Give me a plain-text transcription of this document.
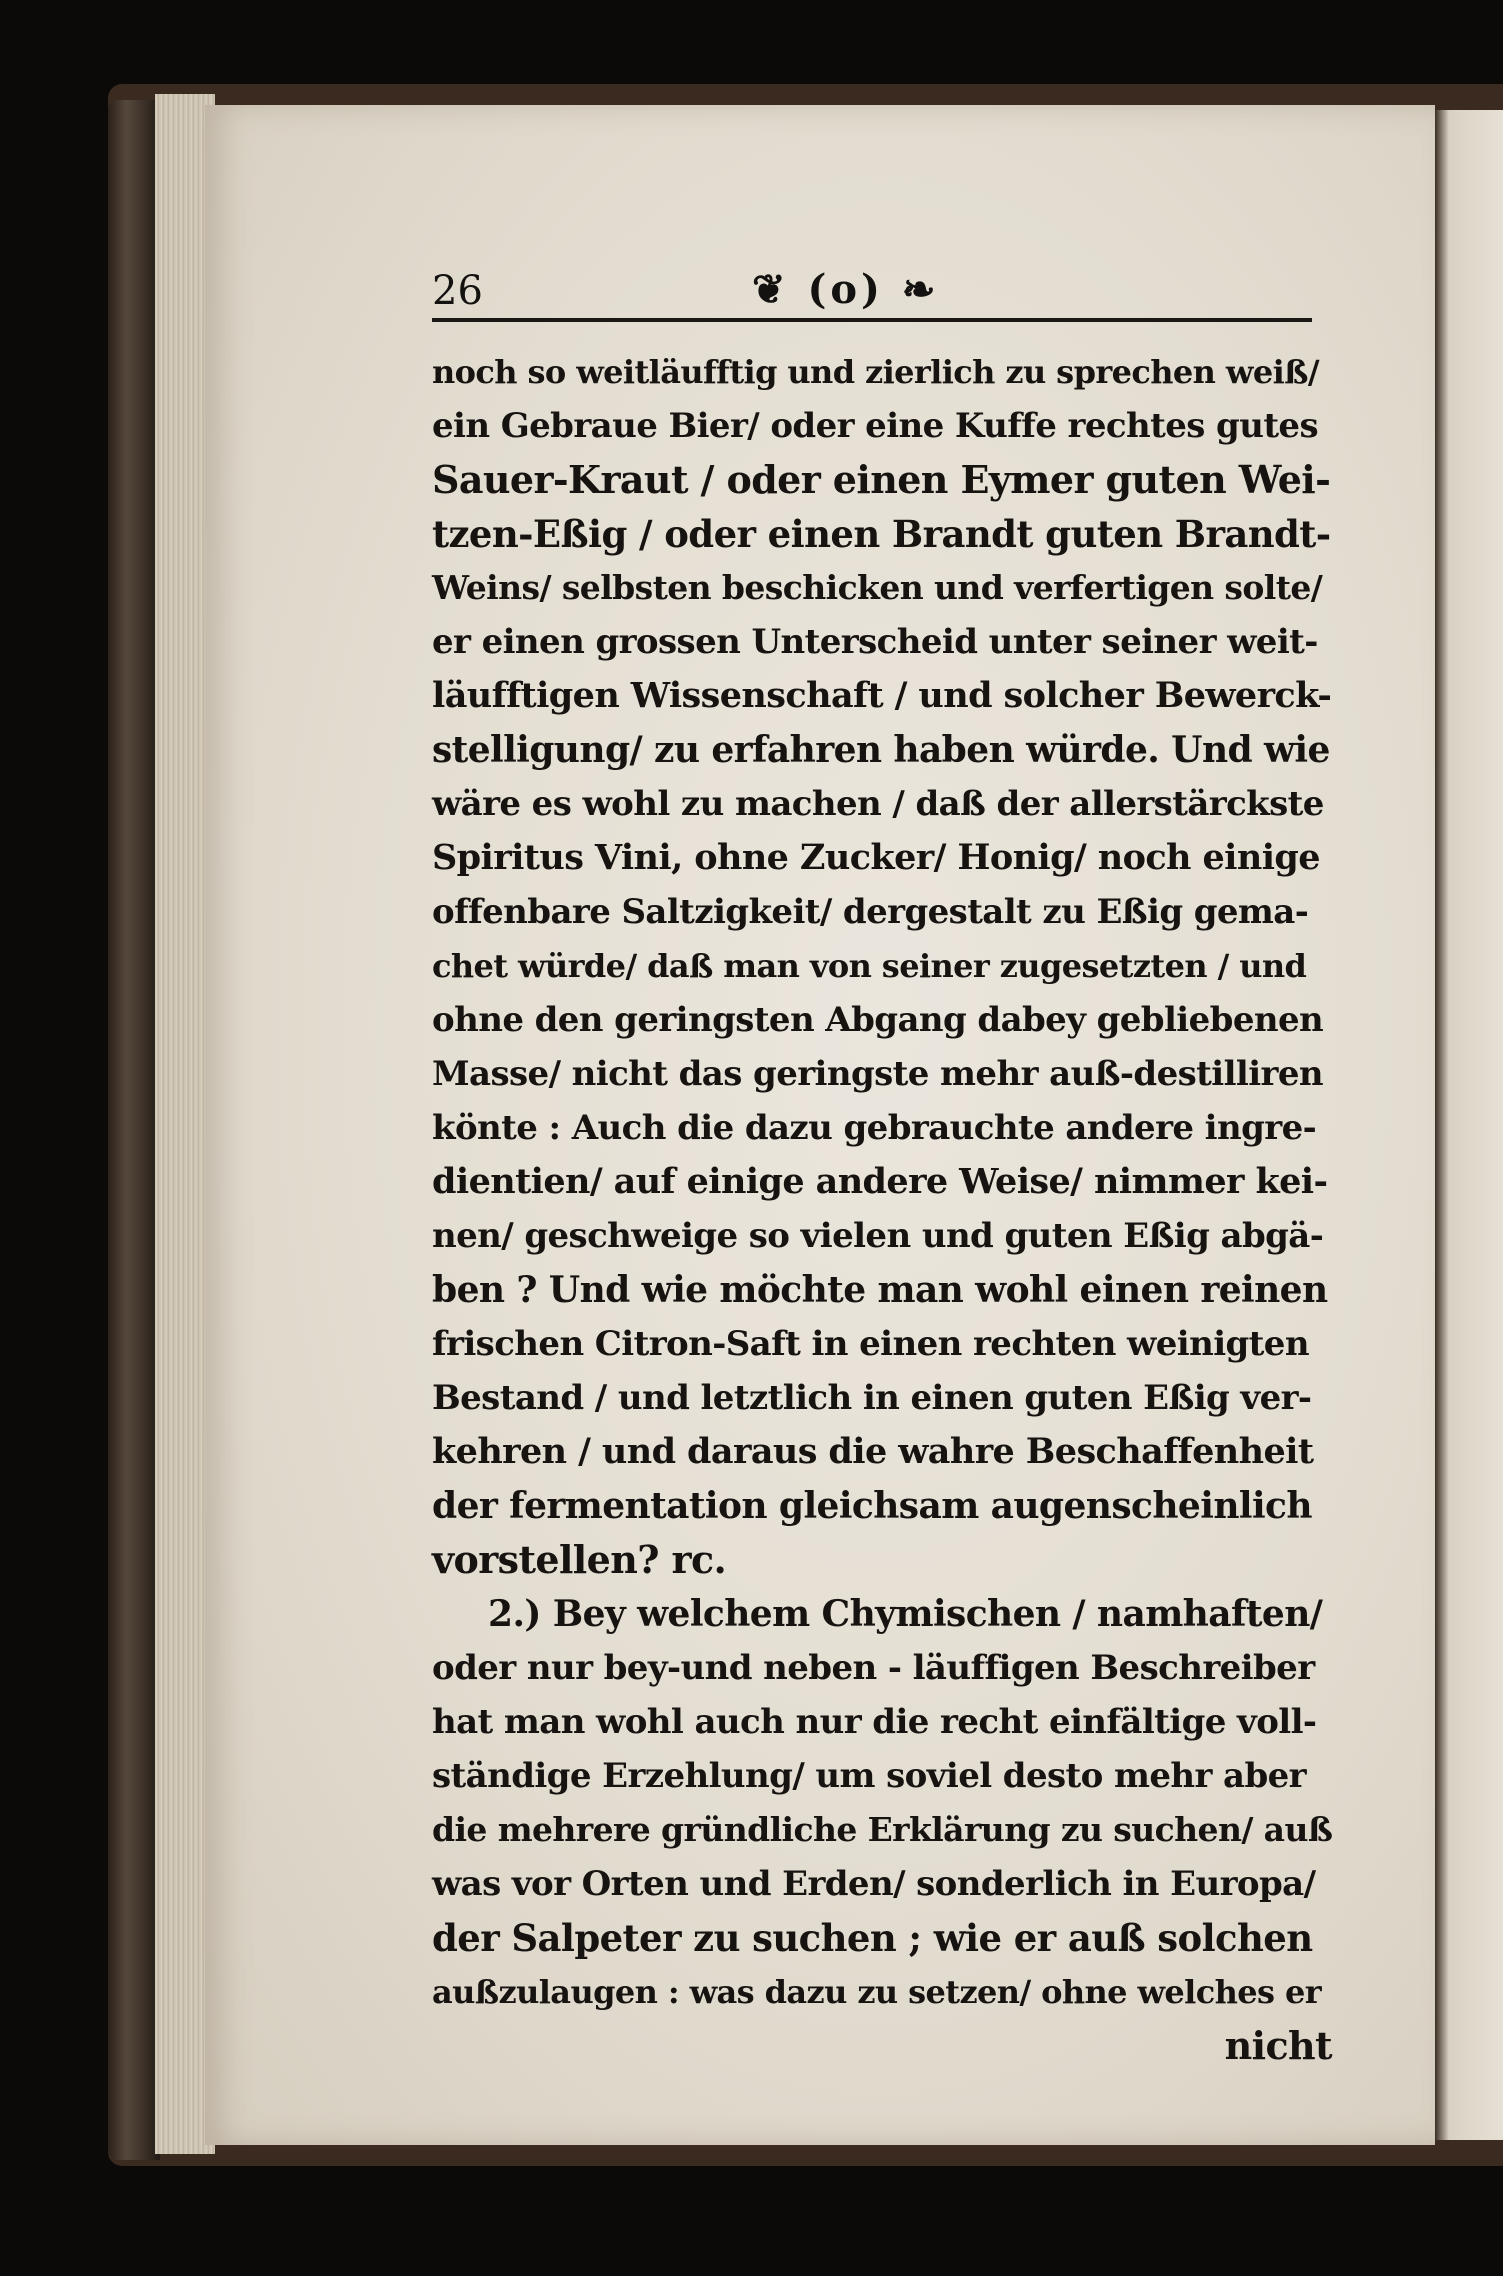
26	❦ (o) ❧
noch so weitläufftig und zierlich zu sprechen weiß/
ein Gebraue Bier/ oder eine Kuffe rechtes gutes
Sauer-Kraut / oder einen Eymer guten Wei-
tzen-Eßig / oder einen Brandt guten Brandt-
Weins/ selbsten beschicken und verfertigen solte/
er einen grossen Unterscheid unter seiner weit-
läufftigen Wissenschaft / und solcher Bewerck-
stelligung/ zu erfahren haben würde. Und wie
wäre es wohl zu machen / daß der allerstärckste
Spiritus Vini, ohne Zucker/ Honig/ noch einige
offenbare Saltzigkeit/ dergestalt zu Eßig gema-
chet würde/ daß man von seiner zugesetzten / und
ohne den geringsten Abgang dabey gebliebenen
Masse/ nicht das geringste mehr auß-destilliren
könte : Auch die dazu gebrauchte andere ingre-
dientien/ auf einige andere Weise/ nimmer kei-
nen/ geschweige so vielen und guten Eßig abgä-
ben ? Und wie möchte man wohl einen reinen
frischen Citron-Saft in einen rechten weinigten
Bestand / und letztlich in einen guten Eßig ver-
kehren / und daraus die wahre Beschaffenheit
der fermentation gleichsam augenscheinlich
vorstellen? rc.
2.) Bey welchem Chymischen / namhaften/
oder nur bey-und neben - läuffigen Beschreiber
hat man wohl auch nur die recht einfältige voll-
ständige Erzehlung/ um soviel desto mehr aber
die mehrere gründliche Erklärung zu suchen/ auß
was vor Orten und Erden/ sonderlich in Europa/
der Salpeter zu suchen ; wie er auß solchen
außzulaugen : was dazu zu setzen/ ohne welches er
nicht
